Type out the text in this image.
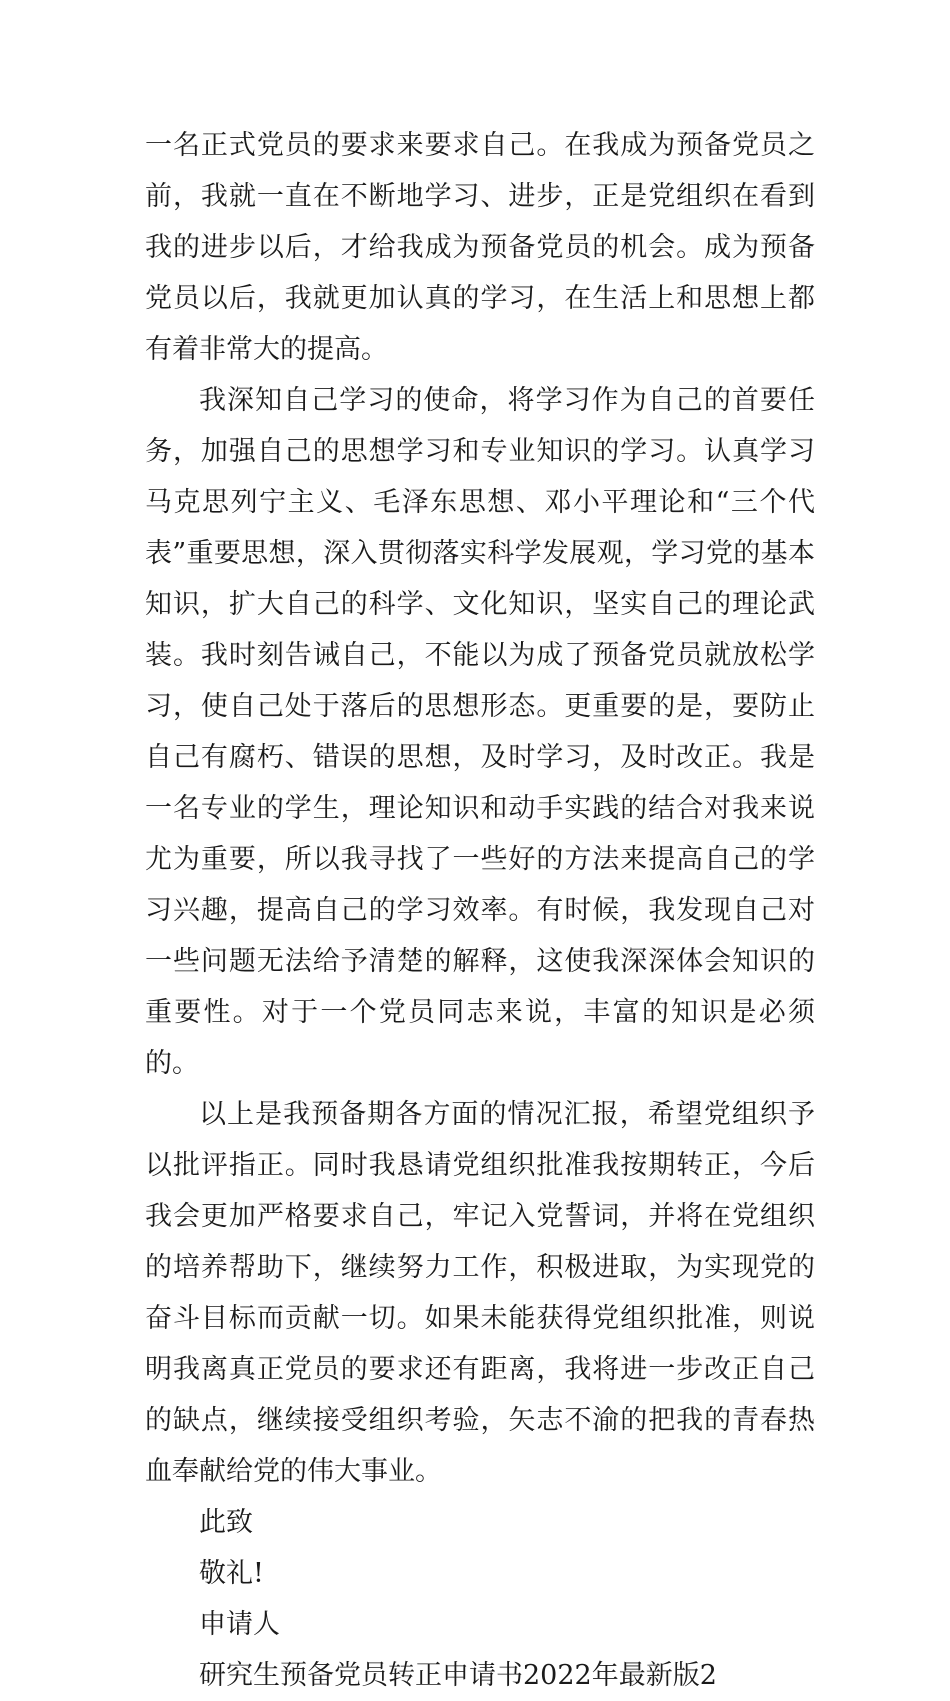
一名正式党员的要求来要求自己。在我成为预备党员之前，我就一直在不断地学习、进步，正是党组织在看到我的进步以后，才给我成为预备党员的机会。成为预备党员以后，我就更加认真的学习，在生活上和思想上都有着非常大的提高。

我深知自己学习的使命，将学习作为自己的首要任务，加强自己的思想学习和专业知识的学习。认真学习马克思列宁主义、毛泽东思想、邓小平理论和“三个代表”重要思想，深入贯彻落实科学发展观，学习党的基本知识，扩大自己的科学、文化知识，坚实自己的理论武装。我时刻告诫自己，不能以为成了预备党员就放松学习，使自己处于落后的思想形态。更重要的是，要防止自己有腐朽、错误的思想，及时学习，及时改正。我是一名专业的学生，理论知识和动手实践的结合对我来说尤为重要，所以我寻找了一些好的方法来提高自己的学习兴趣，提高自己的学习效率。有时候，我发现自己对一些问题无法给予清楚的解释，这使我深深体会知识的重要性。对于一个党员同志来说，丰富的知识是必须的。

以上是我预备期各方面的情况汇报，希望党组织予以批评指正。同时我恳请党组织批准我按期转正，今后我会更加严格要求自己，牢记入党誓词，并将在党组织的培养帮助下，继续努力工作，积极进取，为实现党的奋斗目标而贡献一切。如果未能获得党组织批准，则说明我离真正党员的要求还有距离，我将进一步改正自己的缺点，继续接受组织考验，矢志不渝的把我的青春热血奉献给党的伟大事业。

此致

敬礼!

申请人

研究生预备党员转正申请书2022年最新版2
